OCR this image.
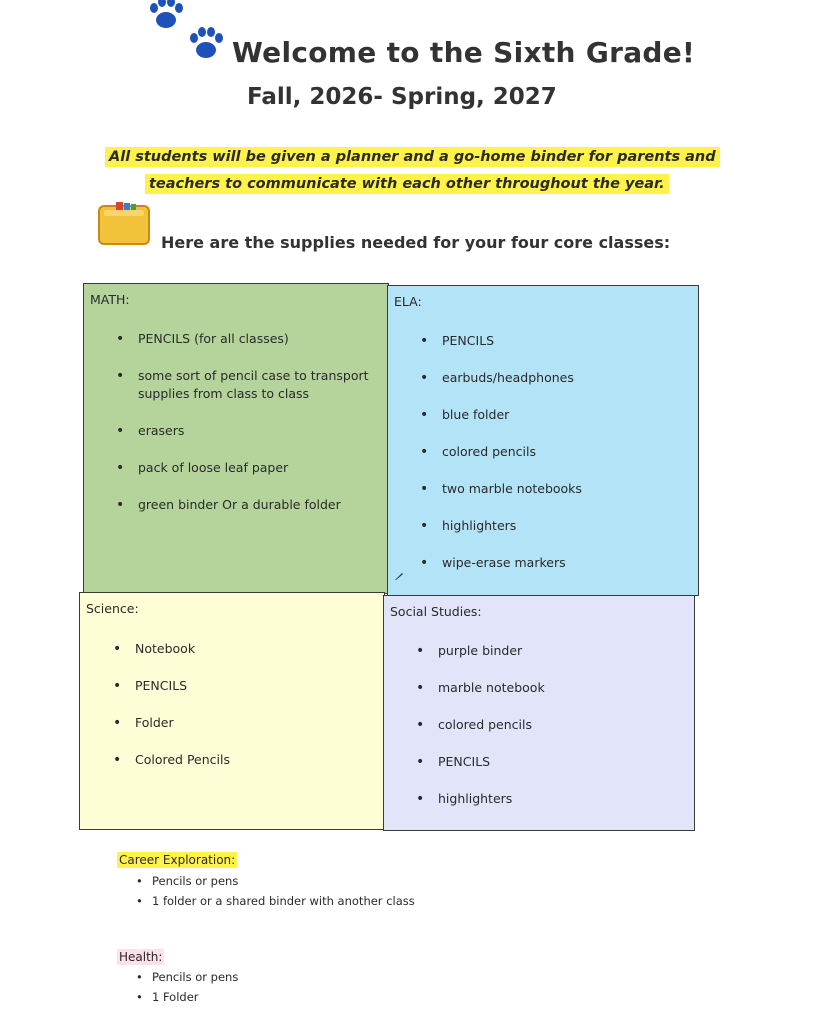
Welcome to the Sixth Grade!
Fall, 2026- Spring, 2027
All students will be given a planner and a go-home binder for parents and
teachers to communicate with each other throughout the year.
Here are the supplies needed for your four core classes:
MATH:
• PENCILS (for all classes)
• some sort of pencil case to transport supplies from class to class
• erasers
• pack of loose leaf paper
• green binder Or a durable folder
ELA:
• PENCILS
• earbuds/headphones
• blue folder
• colored pencils
• two marble notebooks
• highlighters
• wipe-erase markers
Science:
• Notebook
• PENCILS
• Folder
• Colored Pencils
Social Studies:
• purple binder
• marble notebook
• colored pencils
• PENCILS
• highlighters
Career Exploration:
• Pencils or pens
• 1 folder or a shared binder with another class
Health:
• Pencils or pens
• 1 Folder
